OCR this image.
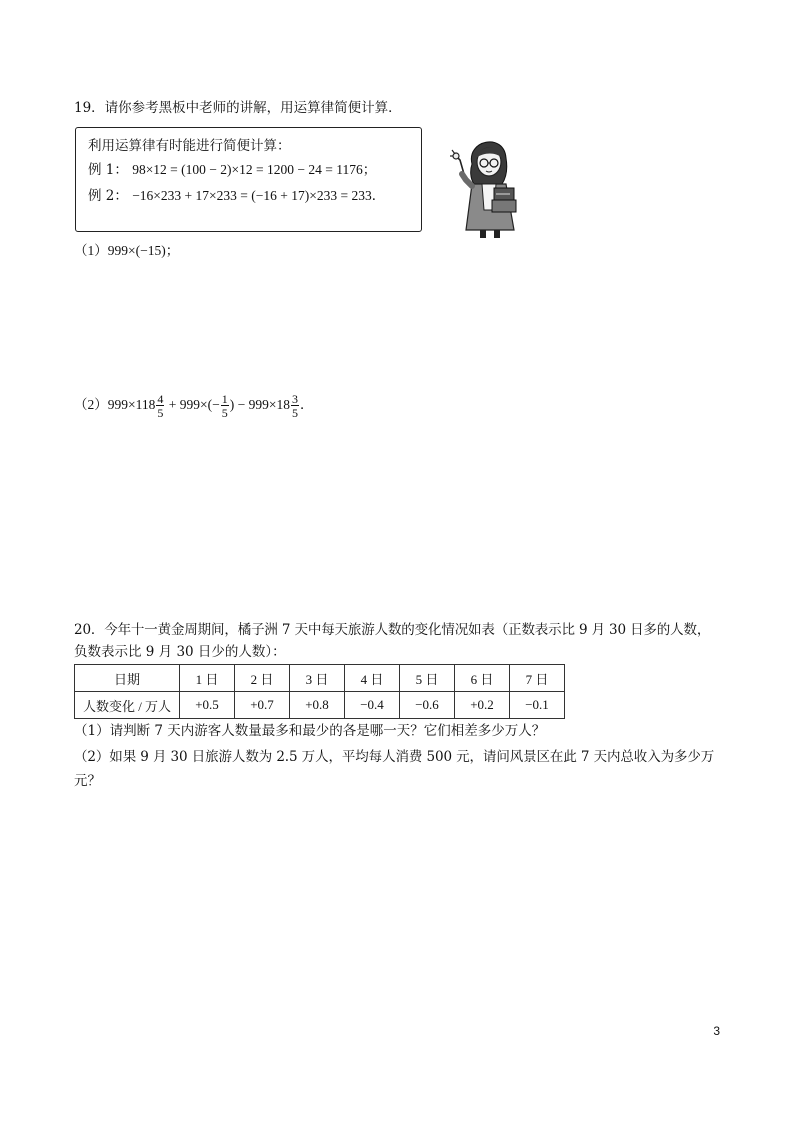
19．请你参考黑板中老师的讲解，用运算律简便计算．
利用运算律有时能进行简便计算：
例 1： 98×12 = (100 − 2)×12 = 1200 − 24 = 1176；
例 2： −16×233 + 17×233 = (−16 + 17)×233 = 233．
（1）999×(−15)；
$(2)999\times 118 \frac{4}{5} + 999\times(- \frac{1}{5}$ ) − $999\times 18 \frac{3}{5}$ ．
20．今年十一黄金周期间，橘子洲 7 天中每天旅游人数的变化情况如表（正数表示比 9 月 30 日多的人数，
负数表示比 9 月 30 日少的人数）：
日期	1 日	2 日	3 日	4 日	5 日	6 日	7 日
人数变化 / 万人	+0.5	+0.7	+0.8	−0.4	−0.6	+0.2	−0.1
（1）请判断 7 天内游客人数量最多和最少的各是哪一天？它们相差多少万人？
（2）如果 9 月 30 日旅游人数为 2.5 万人，平均每人消费 500 元，请问风景区在此 7 天内总收入为多少万
元？
3
